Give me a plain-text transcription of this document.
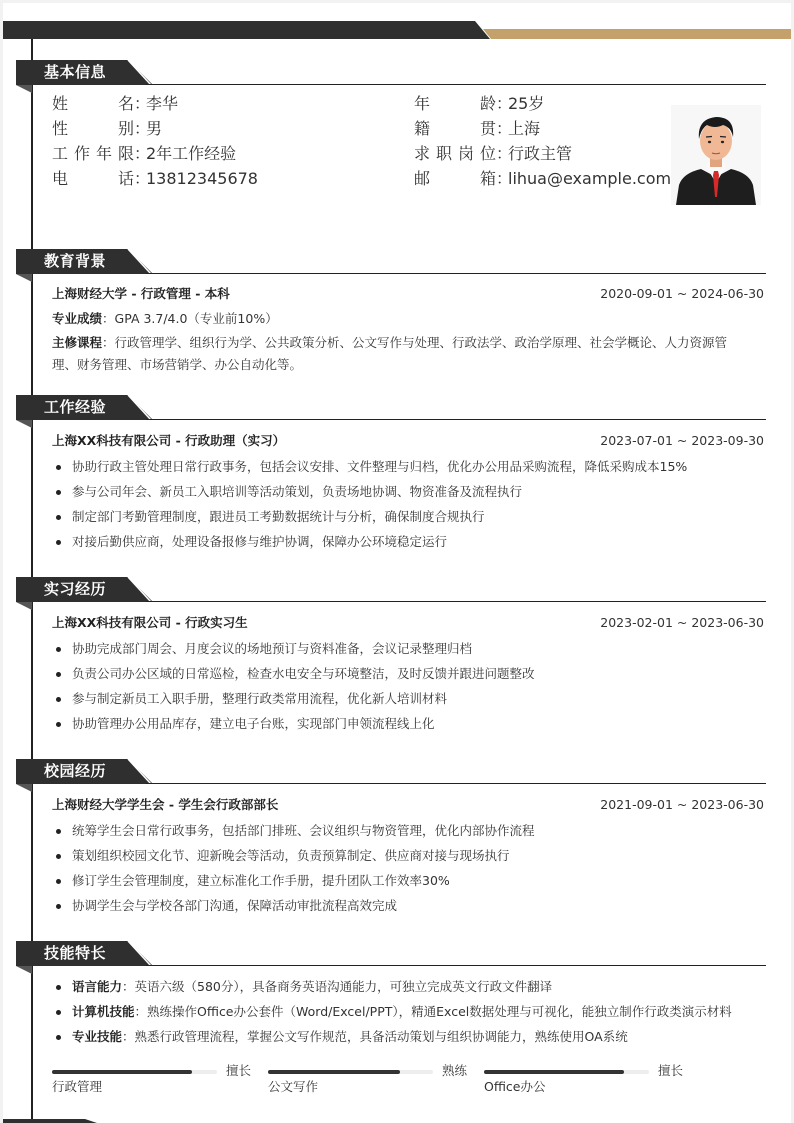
基本信息
姓名：李华
性别：男
工作年限：2年工作经验
电话：13812345678
年龄：25岁
籍贯：上海
求职岗位：行政主管
邮箱：lihua@example.com
教育背景
上海财经大学 - 行政管理 - 本科	2020-09-01 ~ 2024-06-30
专业成绩：GPA 3.7/4.0（专业前10%）
主修课程：行政管理学、组织行为学、公共政策分析、公文写作与处理、行政法学、政治学原理、社会学概论、人力资源管
理、财务管理、市场营销学、办公自动化等。
工作经验
上海XX科技有限公司 - 行政助理（实习）	2023-07-01 ~ 2023-09-30
协助行政主管处理日常行政事务，包括会议安排、文件整理与归档，优化办公用品采购流程，降低采购成本15%
参与公司年会、新员工入职培训等活动策划，负责场地协调、物资准备及流程执行
制定部门考勤管理制度，跟进员工考勤数据统计与分析，确保制度合规执行
对接后勤供应商，处理设备报修与维护协调，保障办公环境稳定运行
实习经历
上海XX科技有限公司 - 行政实习生	2023-02-01 ~ 2023-06-30
协助完成部门周会、月度会议的场地预订与资料准备，会议记录整理归档
负责公司办公区域的日常巡检，检查水电安全与环境整洁，及时反馈并跟进问题整改
参与制定新员工入职手册，整理行政类常用流程，优化新人培训材料
协助管理办公用品库存，建立电子台账，实现部门申领流程线上化
校园经历
上海财经大学学生会 - 学生会行政部部长	2021-09-01 ~ 2023-06-30
统筹学生会日常行政事务，包括部门排班、会议组织与物资管理，优化内部协作流程
策划组织校园文化节、迎新晚会等活动，负责预算制定、供应商对接与现场执行
修订学生会管理制度，建立标准化工作手册，提升团队工作效率30%
协调学生会与学校各部门沟通，保障活动审批流程高效完成
技能特长
语言能力：英语六级（580分），具备商务英语沟通能力，可独立完成英文行政文件翻译
计算机技能：熟练操作Office办公套件（Word/Excel/PPT），精通Excel数据处理与可视化，能独立制作行政类演示材料
专业技能：熟悉行政管理流程，掌握公文写作规范，具备活动策划与组织协调能力，熟练使用OA系统
擅长
行政管理
熟练
公文写作
擅长
Office办公
